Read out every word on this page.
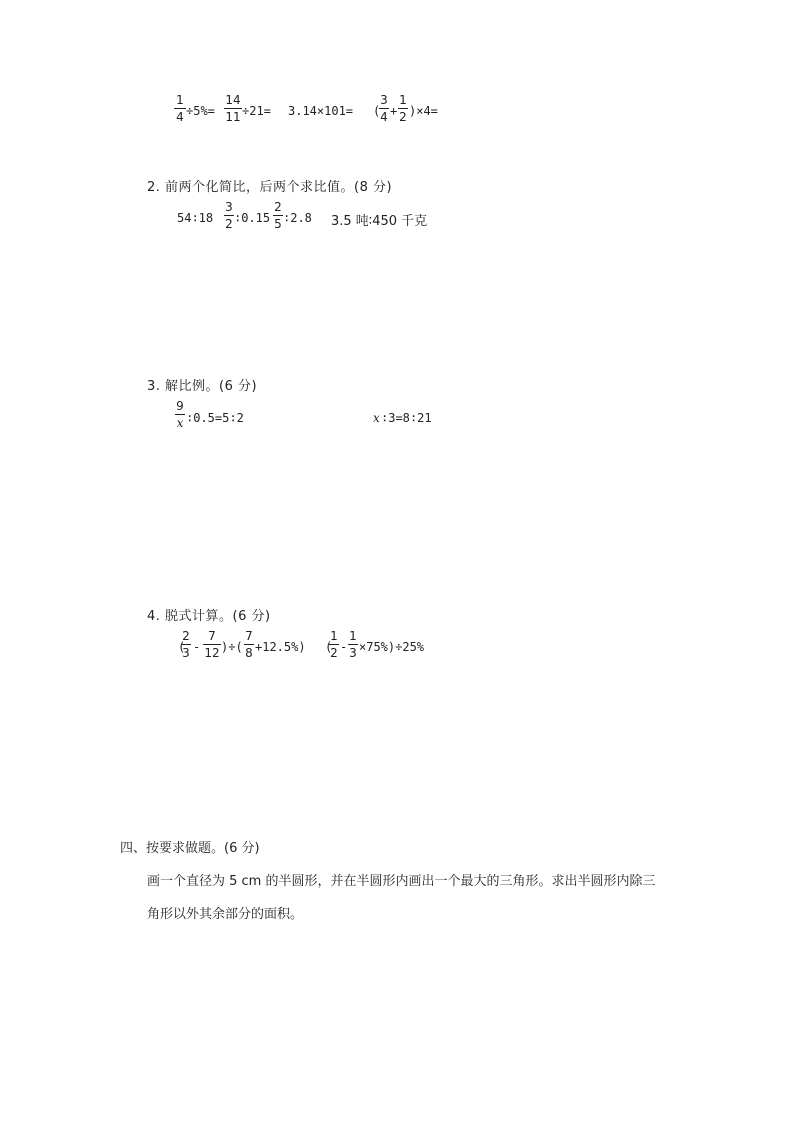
1
4 ÷5%=
14
11 ÷21= 3.14×101= (
3
4 +
1
2 )×4=
2. 前两个化简比，后两个求比值。(8 分)
54∶18
3
2 ∶0.15
2
5 ∶2.8 3.5 吨∶450 千克
3. 解比例。(6 分)
9
x ∶0.5=5∶2	x ∶3=8∶21
4. 脱式计算。(6 分)
(
2
3 -
7
12 )÷(
7
8 +12.5%) (
1
2 -
1
3 ×75%)÷25%
四、按要求做题。(6 分)
画一个直径为 5 cm 的半圆形，并在半圆形内画出一个最大的三角形。求出半圆形内除三
角形以外其余部分的面积。
